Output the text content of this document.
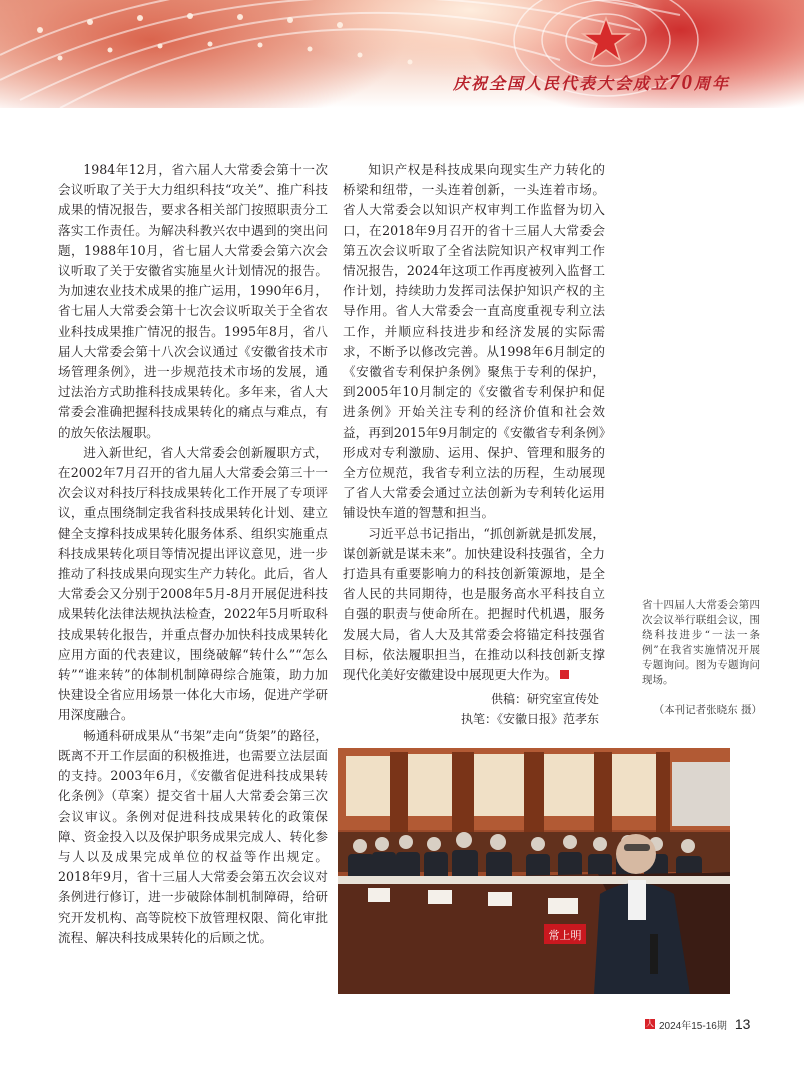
庆祝全国人民代表大会成立70周年

1984年12月，省六届人大常委会第十一次会议听取了关于大力组织科技“攻关”、推广科技成果的情况报告，要求各相关部门按照职责分工落实工作责任。为解决科教兴农中遇到的突出问题，1988年10月，省七届人大常委会第六次会议听取了关于安徽省实施星火计划情况的报告。为加速农业技术成果的推广运用，1990年6月，省七届人大常委会第十七次会议听取关于全省农业科技成果推广情况的报告。1995年8月，省八届人大常委会第十八次会议通过《安徽省技术市场管理条例》，进一步规范技术市场的发展，通过法治方式助推科技成果转化。多年来，省人大常委会准确把握科技成果转化的痛点与难点，有的放矢依法履职。

进入新世纪，省人大常委会创新履职方式，在2002年7月召开的省九届人大常委会第三十一次会议对科技厅科技成果转化工作开展了专项评议，重点围绕制定我省科技成果转化计划、建立健全支撑科技成果转化服务体系、组织实施重点科技成果转化项目等情况提出评议意见，进一步推动了科技成果向现实生产力转化。此后，省人大常委会又分别于2008年5月-8月开展促进科技成果转化法律法规执法检查，2022年5月听取科技成果转化报告，并重点督办加快科技成果转化应用方面的代表建议，围绕破解“转什么”“怎么转”“谁来转”的体制机制障碍综合施策，助力加快建设全省应用场景一体化大市场，促进产学研用深度融合。

畅通科研成果从“书架”走向“货架”的路径，既离不开工作层面的积极推进，也需要立法层面的支持。2003年6月，《安徽省促进科技成果转化条例》（草案）提交省十届人大常委会第三次会议审议。条例对促进科技成果转化的政策保障、资金投入以及保护职务成果完成人、转化参与人以及成果完成单位的权益等作出规定。2018年9月，省十三届人大常委会第五次会议对条例进行修订，进一步破除体制机制障碍，给研究开发机构、高等院校下放管理权限、简化审批流程、解决科技成果转化的后顾之忧。

知识产权是科技成果向现实生产力转化的桥梁和纽带，一头连着创新，一头连着市场。省人大常委会以知识产权审判工作监督为切入口，在2018年9月召开的省十三届人大常委会第五次会议听取了全省法院知识产权审判工作情况报告，2024年这项工作再度被列入监督工作计划，持续助力发挥司法保护知识产权的主导作用。省人大常委会一直高度重视专利立法工作，并顺应科技进步和经济发展的实际需求，不断予以修改完善。从1998年6月制定的《安徽省专利保护条例》聚焦于专利的保护，到2005年10月制定的《安徽省专利保护和促进条例》开始关注专利的经济价值和社会效益，再到2015年9月制定的《安徽省专利条例》形成对专利激励、运用、保护、管理和服务的全方位规范，我省专利立法的历程，生动展现了省人大常委会通过立法创新为专利转化运用铺设快车道的智慧和担当。

习近平总书记指出，“抓创新就是抓发展，谋创新就是谋未来”。加快建设科技强省，全力打造具有重要影响力的科技创新策源地，是全省人民的共同期待，也是服务高水平科技自立自强的职责与使命所在。把握时代机遇，服务发展大局，省人大及其常委会将锚定科技强省目标，依法履职担当，在推动以科技创新支撑现代化美好安徽建设中展现更大作为。

供稿：研究室宣传处
执笔：《安徽日报》范孝东
省十四届人大常委会第四次会议举行联组会议，围绕科技进步“一法一条例”在我省实施情况开展专题询问。图为专题询问现场。
（本刊记者张晓东 摄）
常上明
人 2024年15-16期 13
